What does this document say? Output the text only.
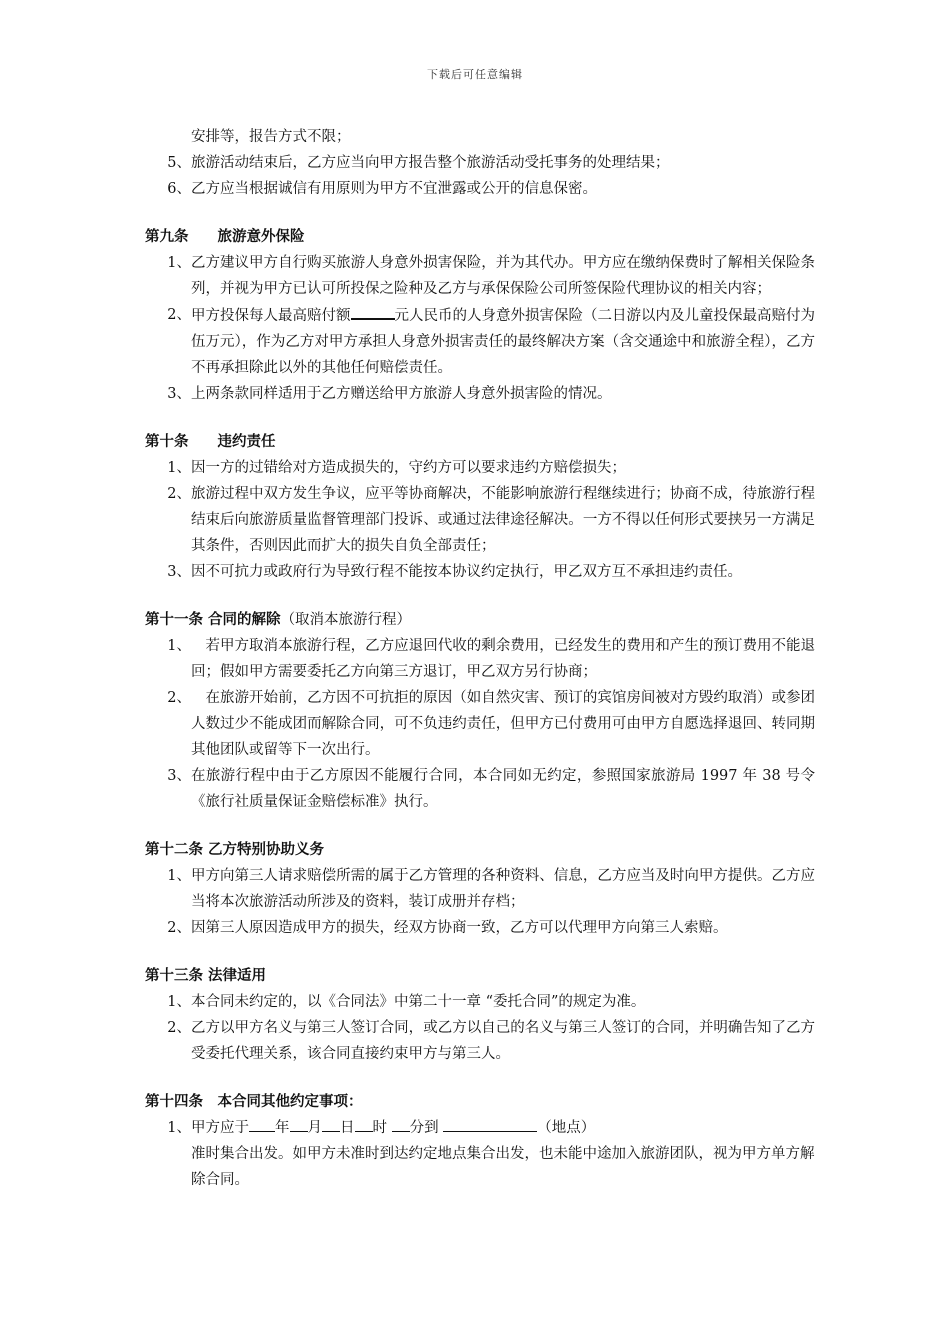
下载后可任意编辑
安排等，报告方式不限；
5、 旅游活动结束后，乙方应当向甲方报告整个旅游活动受托事务的处理结果；
6、 乙方应当根据诚信有用原则为甲方不宜泄露或公开的信息保密。
第九条　　旅游意外保险
1、 乙方建议甲方自行购买旅游人身意外损害保险，并为其代办。甲方应在缴纳保费时了解相关保险条列，并视为甲方已认可所投保之险种及乙方与承保保险公司所签保险代理协议的相关内容；
2、 甲方投保每人最高赔付额	元人民币的人身意外损害保险（二日游以内及儿童投保最高赔付为伍万元），作为乙方对甲方承担人身意外损害责任的最终解决方案（含交通途中和旅游全程），乙方不再承担除此以外的其他任何赔偿责任。
3、 上两条款同样适用于乙方赠送给甲方旅游人身意外损害险的情况。
第十条　　违约责任
1、 因一方的过错给对方造成损失的，守约方可以要求违约方赔偿损失；
2、 旅游过程中双方发生争议，应平等协商解决，不能影响旅游行程继续进行；协商不成，待旅游行程结束后向旅游质量监督管理部门投诉、或通过法律途径解决。一方不得以任何形式要挟另一方满足其条件，否则因此而扩大的损失自负全部责任；
3、 因不可抗力或政府行为导致行程不能按本协议约定执行，甲乙双方互不承担违约责任。
第十一条 合同的解除（取消本旅游行程）
1、 　若甲方取消本旅游行程，乙方应退回代收的剩余费用，已经发生的费用和产生的预订费用不能退回；假如甲方需要委托乙方向第三方退订，甲乙双方另行协商；
2、 　在旅游开始前，乙方因不可抗拒的原因（如自然灾害、预订的宾馆房间被对方毁约取消）或参团人数过少不能成团而解除合同，可不负违约责任，但甲方已付费用可由甲方自愿选择退回、转同期其他团队或留等下一次出行。
3、 在旅游行程中由于乙方原因不能履行合同，本合同如无约定，参照国家旅游局 1997 年 38 号令《旅行社质量保证金赔偿标准》执行。
第十二条 乙方特别协助义务
1、 甲方向第三人请求赔偿所需的属于乙方管理的各种资料、信息，乙方应当及时向甲方提供。乙方应当将本次旅游活动所涉及的资料，装订成册并存档；
2、 因第三人原因造成甲方的损失，经双方协商一致，乙方可以代理甲方向第三人索赔。
第十三条 法律适用
1、 本合同未约定的，以《合同法》中第二十一章 “委托合同”的规定为准。
2、 乙方以甲方名义与第三人签订合同，或乙方以自己的名义与第三人签订的合同，并明确告知了乙方受委托代理关系，该合同直接约束甲方与第三人。
第十四条　本合同其他约定事项：
1、 甲方应于 年 月 日 时 分到	（地点）
准时集合出发。如甲方未准时到达约定地点集合出发，也未能中途加入旅游团队，视为甲方单方解除合同。
